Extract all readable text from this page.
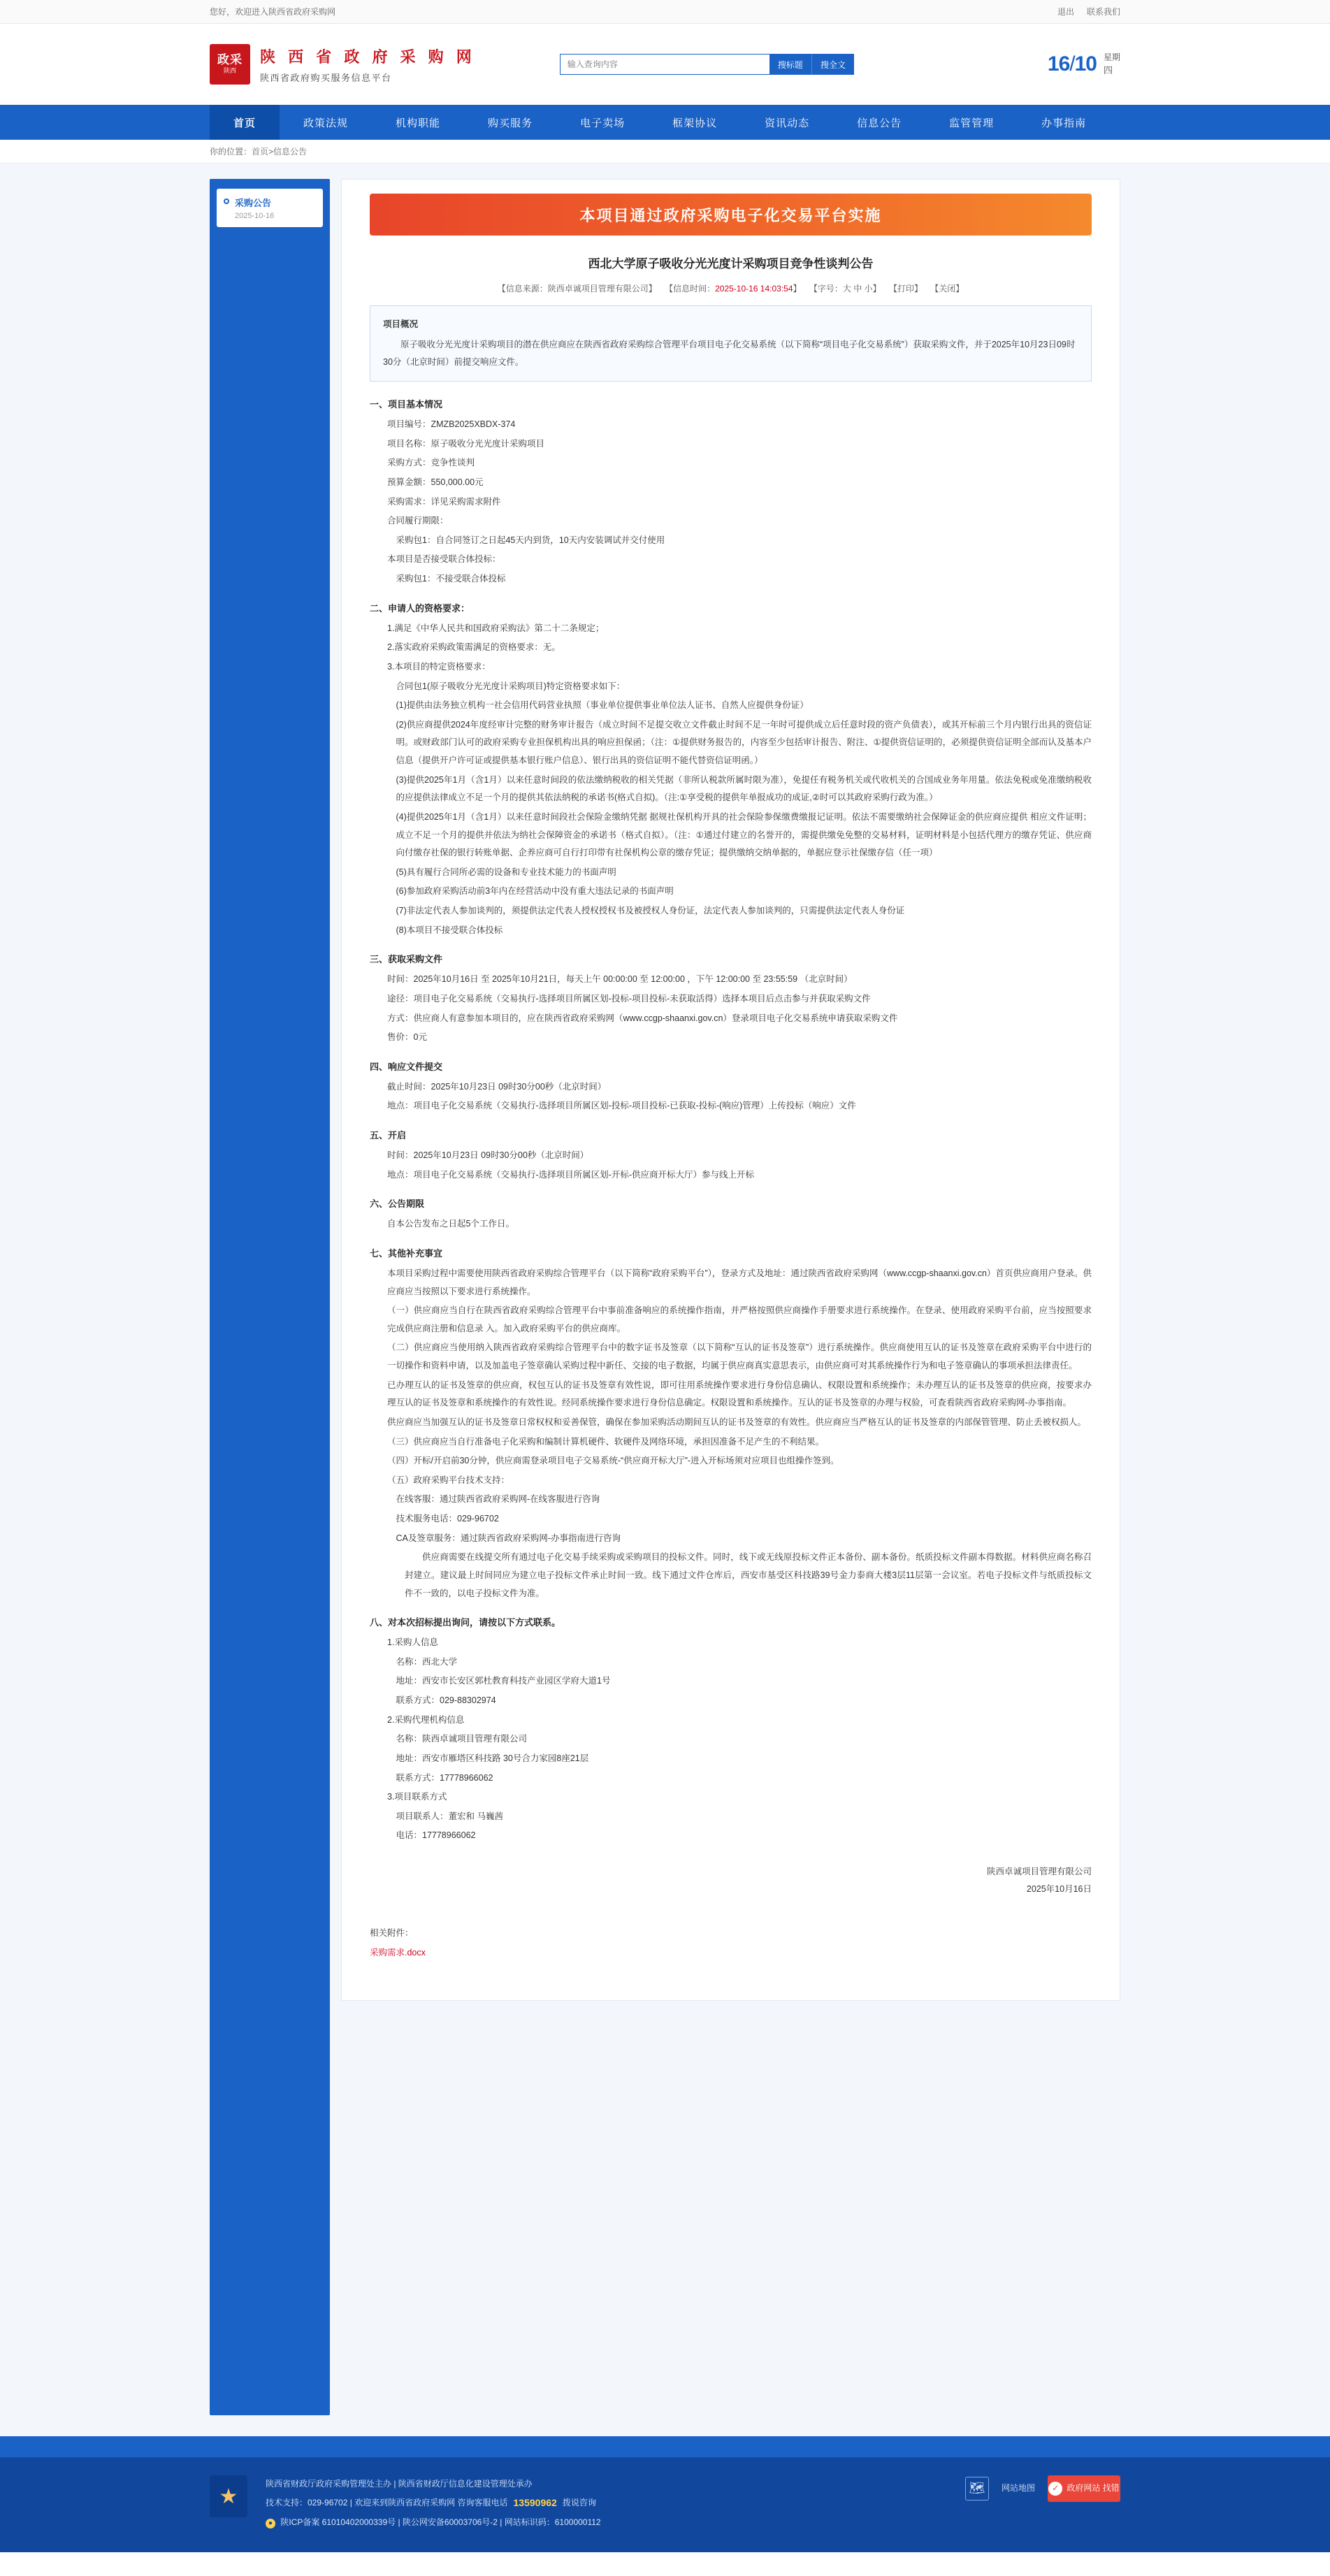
您好，欢迎进入陕西省政府采购网	退出 联系我们
政采
陕西
陕 西 省 政 府 采 购 网
陕西省政府购买服务信息平台
输入查询内容
搜标题	搜全文	16/10 星期
四
首页	政策法规	机构职能	购买服务	电子卖场	框架协议	资讯动态	信息公告	监管管理	办事指南
你的位置： 首页 > 信息公告
采购公告
2025-10-16	本项目通过政府采购电子化交易平台实施
西北大学原子吸收分光光度计采购项目竞争性谈判公告
【信息来源：陕西卓诚项目管理有限公司】 【信息时间：2025-10-16 14:03:54】 【字号：大 中 小】 【打印】 【关闭】
项目概况

原子吸收分光光度计采购项目的潜在供应商应在陕西省政府采购综合管理平台项目电子化交易系统（以下简称“项目电子化交易系统”）获取采购文件，并于2025年10月23日09时30分（北京时间）前提交响应文件。

一、项目基本情况
项目编号：ZMZB2025XBDX-374
项目名称：原子吸收分光光度计采购项目
采购方式：竞争性谈判
预算金额：550,000.00元
采购需求：详见采购需求附件
合同履行期限：
采购包1：自合同签订之日起45天内到货，10天内安装调试并交付使用
本项目是否接受联合体投标：
采购包1：不接受联合体投标
二、申请人的资格要求：
1.满足《中华人民共和国政府采购法》第二十二条规定；
2.落实政府采购政策需满足的资格要求：无。
3.本项目的特定资格要求：
合同包1(原子吸收分光光度计采购项目)特定资格要求如下：
(1)提供由法务独立机构一社会信用代码营业执照（事业单位提供事业单位法人证书、自然人应提供身份证）
(2)供应商提供2024年度经审计完整的财务审计报告（成立时间不足提交收立文件截止时间不足一年时可提供成立后任意时段的资产负债表），或其开标前三个月内银行出具的资信证明。或财政部门认可的政府采购专业担保机构出具的响应担保函；（注：①提供财务报告的，内容至少包括审计报告、附注、①提供资信证明的，必须提供资信证明全部而认及基本户信息（提供开户许可证或提供基本银行账户信息）、银行出具的资信证明不能代替资信证明函。）
(3)提供2025年1月（含1月）以来任意时间段的依法缴纳税收的相关凭据（非所认税款所属时限为准），免提任有税务机关或代收机关的合国成业务年用量。依法免税或免准缴纳税收的应提供法律成立不足一个月的提供其依法纳税的承诺书(格式自拟)。（注:①享受税的提供年单报成功的成证,②时可以其政府采购行政为准。）
(4)提供2025年1月（含1月）以来任意时间段社会保险金缴纳凭据 据规社保机构开具的社会保险参保缴费缴报记证明。依法不需要缴纳社会保障证金的供应商应提供 相应文件证明；成立不足一个月的提供并依法为纳社会保障资金的承诺书（格式自拟）。（注：①通过付建立的名誉开的，需提供缴免免整的交易材料，证明材料是小包括代理方的缴存凭证、供应商向付缴存社保的银行转账单据、企养应商可自行打印带有社保机构公章的缴存凭证；提供缴纳交纳单据的，单据应登示社保缴存信（任一项）
(5)具有履行合同所必需的设备和专业技术能力的书面声明
(6)参加政府采购活动前3年内在经营活动中没有重大违法记录的书面声明
(7)非法定代表人参加谈判的，须提供法定代表人授权授权书及被授权人身份证，法定代表人参加谈判的，只需提供法定代表人身份证
(8)本项目不接受联合体投标
三、获取采购文件
时间：2025年10月16日 至 2025年10月21日，每天上午 00:00:00 至 12:00:00 ，下午 12:00:00 至 23:55:59 （北京时间）
途径：项目电子化交易系统（交易执行-选择项目所属区划-投标-项目投标-未获取活得）选择本项目后点击参与并获取采购文件
方式：供应商人有意参加本项目的，应在陕西省政府采购网（www.ccgp-shaanxi.gov.cn）登录项目电子化交易系统申请获取采购文件
售价：0元
四、响应文件提交
截止时间：2025年10月23日 09时30分00秒（北京时间）
地点：项目电子化交易系统（交易执行-选择项目所属区划-投标-项目投标-已获取-投标-(响应)管理）上传投标（响应）文件
五、开启
时间：2025年10月23日 09时30分00秒（北京时间）
地点：项目电子化交易系统（交易执行-选择项目所属区划-开标-供应商开标大厅）参与线上开标
六、公告期限
自本公告发布之日起5个工作日。
七、其他补充事宜
本项目采购过程中需要使用陕西省政府采购综合管理平台（以下简称“政府采购平台”），登录方式及地址：通过陕西省政府采购网（www.ccgp-shaanxi.gov.cn）首页供应商用户登录。供应商应当按照以下要求进行系统操作。
（一）供应商应当自行在陕西省政府采购综合管理平台中事前准备响应的系统操作指南，并严格按照供应商操作手册要求进行系统操作。在登录、使用政府采购平台前，应当按照要求完成供应商注册和信息录 入。加入政府采购平台的供应商库。
（二）供应商应当使用纳入陕西省政府采购综合管理平台中的数字证书及签章（以下简称“互认的证书及签章”）进行系统操作。供应商使用互认的证书及签章在政府采购平台中进行的一切操作和资料申请，以及加盖电子签章确认采购过程中新任、交接的电子数据，均属于供应商真实意思表示，由供应商可对其系统操作行为和电子签章确认的事项承担法律责任。
已办理互认的证书及签章的供应商，权包互认的证书及签章有效性说，即可往用系统操作要求进行身份信息确认、权限设置和系统操作；未办理互认的证书及签章的供应商，按要求办理互认的证书及签章和系统操作的有效性说。经同系统操作要求进行身份信息确定。权限设置和系统操作。互认的证书及签章的办理与权验，可查看陕西省政府采购网-办事指南。
供应商应当加强互认的证书及签章日常权权和妥善保管，确保在参加采购活动期间互认的证书及签章的有效性。供应商应当严格互认的证书及签章的内部保管管理、防止丢被权损人。
（三）供应商应当自行准备电子化采购和编制计算机硬件、软硬件及网络环境，承担因准备不足产生的不利结果。
（四）开标/开启前30分钟，供应商需登录项目电子交易系统-“供应商开标大厅”-进入开标场须对应项目也组操作签到。
（五）政府采购平台技术支持：
在线客服：通过陕西省政府采购网-在线客服进行咨询
技术服务电话：029-96702
CA及签章服务：通过陕西省政府采购网-办事指南进行咨询
供应商需要在线提交所有通过电子化交易手续采购或采购项目的投标文件。同时，线下或无线原投标文件正本备份、副本备份。纸质投标文件副本得数据。材料供应商名称召封建立。建议最上时间同应为建立电子投标文件承止时间一致。线下通过文件仓库后，西安市基受区科技路39号金力泰商大楼3层11层第一会议室。若电子投标文件与纸质投标文件不一致的，以电子投标文件为准。
八、对本次招标提出询问，请按以下方式联系。
1.采购人信息
名称：西北大学
地址：西安市长安区郭杜教育科技产业园区学府大道1号
联系方式：029-88302974
2.采购代理机构信息
名称：陕西卓诚项目管理有限公司
地址：西安市雁塔区科技路 30号合力家园8座21层
联系方式：17778966062
3.项目联系方式
项目联系人：董宏和 马巍茜
电话：17778966062
陕西卓诚项目管理有限公司
2025年10月16日
相关附件：
采购需求.docx
★
陕西省财政厅政府采购管理处主办 | 陕西省财政厅信息化建设管理处承办
技术支持：029-96702 | 欢迎来到陕西省政府采购网 咨询客服电话 13590962 拨说咨询
● 陕ICP备案 61010402000339号 | 陕公网安备60003706号-2 | 网站标识码：6100000112
🗺	网站地图	✓ 政府网站 找错
